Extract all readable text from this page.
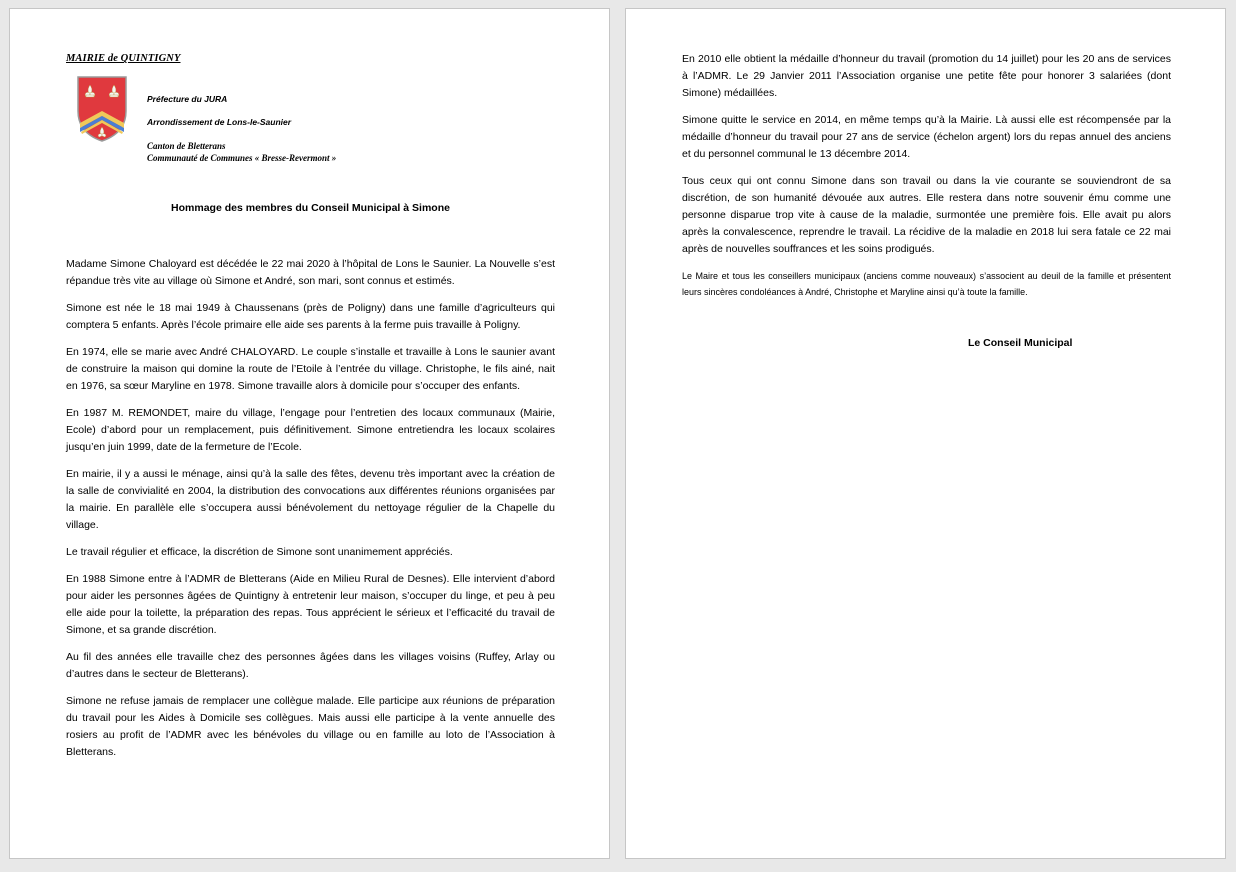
MAIRIE de QUINTIGNY
Préfecture du JURA
Arrondissement de Lons-le-Saunier
Canton de Bletterans
Communauté de Communes « Bresse-Revermont »
Hommage des membres du Conseil Municipal à Simone

Madame Simone Chaloyard est décédée le 22 mai 2020 à l’hôpital de Lons le Saunier. La Nouvelle s’est répandue très vite au village où Simone et André, son mari, sont connus et estimés.

Simone est née le 18 mai 1949 à Chaussenans (près de Poligny) dans une famille d’agriculteurs qui comptera 5 enfants. Après l’école primaire elle aide ses parents à la ferme puis travaille à Poligny.

En 1974, elle se marie avec André CHALOYARD. Le couple s’installe et travaille à Lons le saunier avant de construire la maison qui domine la route de l’Etoile à l’entrée du village. Christophe, le fils ainé, nait en 1976, sa sœur Maryline en 1978. Simone travaille alors à domicile pour s’occuper des enfants.

En 1987 M. REMONDET, maire du village, l’engage pour l’entretien des locaux communaux (Mairie, Ecole) d’abord pour un remplacement, puis définitivement. Simone entretiendra les locaux scolaires jusqu’en juin 1999, date de la fermeture de l’Ecole.

En mairie, il y a aussi le ménage, ainsi qu’à la salle des fêtes, devenu très important avec la création de la salle de convivialité en 2004, la distribution des convocations aux différentes réunions organisées par la mairie. En parallèle elle s’occupera aussi bénévolement du nettoyage régulier de la Chapelle du village.

Le travail régulier et efficace, la discrétion de Simone sont unanimement appréciés.

En 1988 Simone entre à l’ADMR de Bletterans (Aide en Milieu Rural de Desnes). Elle intervient d’abord pour aider les personnes âgées de Quintigny à entretenir leur maison, s’occuper du linge, et peu à peu elle aide pour la toilette, la préparation des repas. Tous apprécient le sérieux et l’efficacité du travail de Simone, et sa grande discrétion.

Au fil des années elle travaille chez des personnes âgées dans les villages voisins (Ruffey, Arlay ou d’autres dans le secteur de Bletterans).

Simone ne refuse jamais de remplacer une collègue malade. Elle participe aux réunions de préparation du travail pour les Aides à Domicile ses collègues. Mais aussi elle participe à la vente annuelle des rosiers au profit de l’ADMR avec les bénévoles du village ou en famille au loto de l’Association à Bletterans.

En 2010 elle obtient la médaille d’honneur du travail (promotion du 14 juillet) pour les 20 ans de services à l’ADMR. Le 29 Janvier 2011 l’Association organise une petite fête pour honorer 3 salariées (dont Simone) médaillées.

Simone quitte le service en 2014, en même temps qu’à la Mairie. Là aussi elle est récompensée par la médaille d’honneur du travail pour 27 ans de service (échelon argent) lors du repas annuel des anciens et du personnel communal le 13 décembre 2014.

Tous ceux qui ont connu Simone dans son travail ou dans la vie courante se souviendront de sa discrétion, de son humanité dévouée aux autres. Elle restera dans notre souvenir ému comme une personne disparue trop vite à cause de la maladie, surmontée une première fois. Elle avait pu alors après la convalescence, reprendre le travail. La récidive de la maladie en 2018 lui sera fatale ce 22 mai après de nouvelles souffrances et les soins prodigués.

Le Maire et tous les conseillers municipaux (anciens comme nouveaux) s’associent au deuil de la famille et présentent leurs sincères condoléances à André, Christophe et Maryline ainsi qu’à toute la famille.

Le Conseil Municipal
